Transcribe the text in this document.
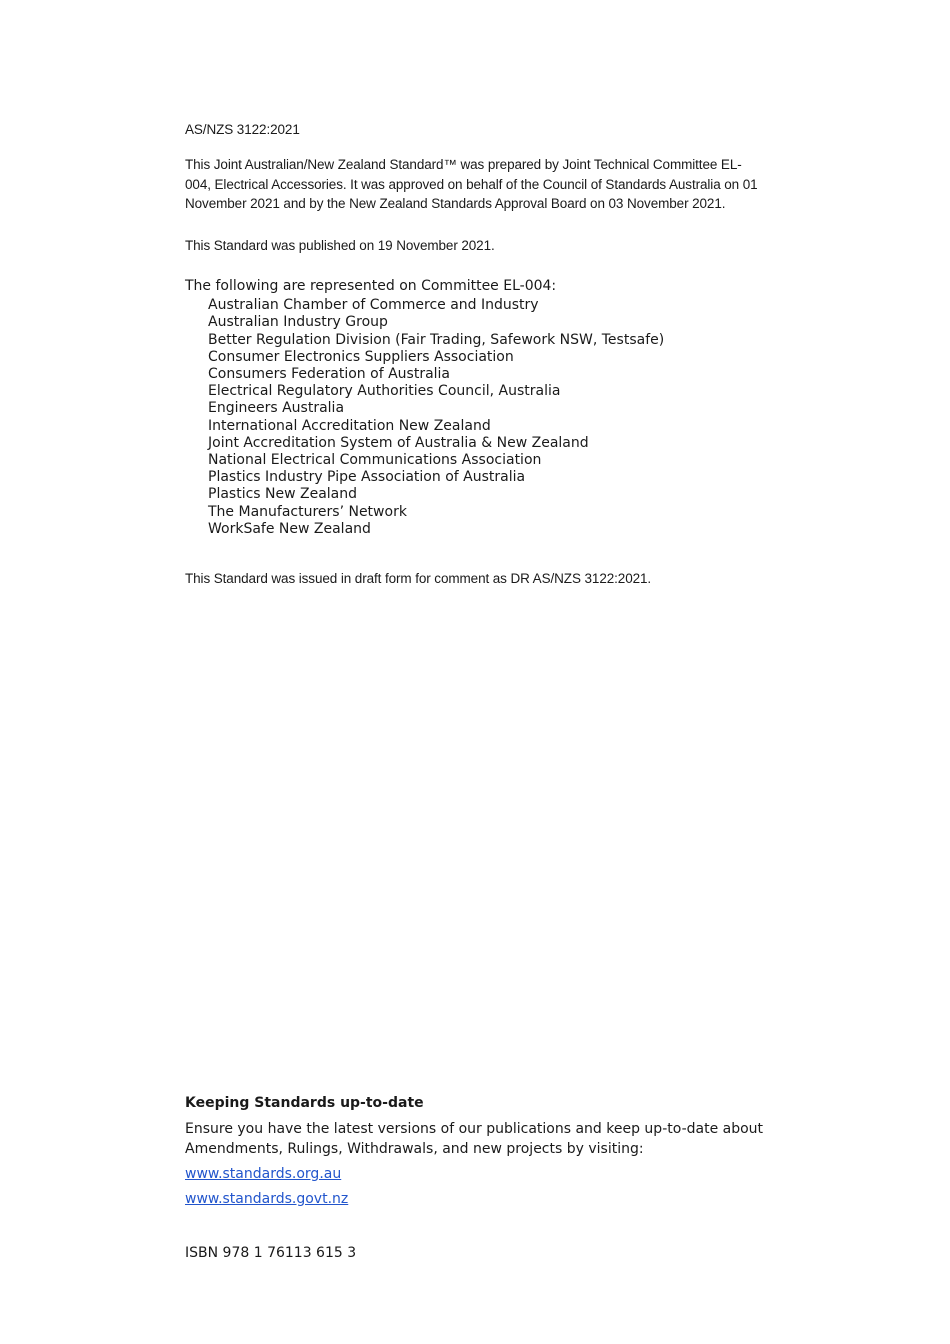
AS/NZS 3122:2021

This Joint Australian/New Zealand Standard™ was prepared by Joint Technical Committee EL-004, Electrical Accessories. It was approved on behalf of the Council of Standards Australia on 01 November 2021 and by the New Zealand Standards Approval Board on 03 November 2021.

This Standard was published on 19 November 2021.

The following are represented on Committee EL-004:
Australian Chamber of Commerce and Industry
Australian Industry Group
Better Regulation Division (Fair Trading, Safework NSW, Testsafe)
Consumer Electronics Suppliers Association
Consumers Federation of Australia
Electrical Regulatory Authorities Council, Australia
Engineers Australia
International Accreditation New Zealand
Joint Accreditation System of Australia & New Zealand
National Electrical Communications Association
Plastics Industry Pipe Association of Australia
Plastics New Zealand
The Manufacturers’ Network
WorkSafe New Zealand

This Standard was issued in draft form for comment as DR AS/NZS 3122:2021.

Keeping Standards up-to-date

Ensure you have the latest versions of our publications and keep up-to-date about Amendments, Rulings, Withdrawals, and new projects by visiting:

www.standards.org.au
www.standards.govt.nz
ISBN 978 1 76113 615 3
